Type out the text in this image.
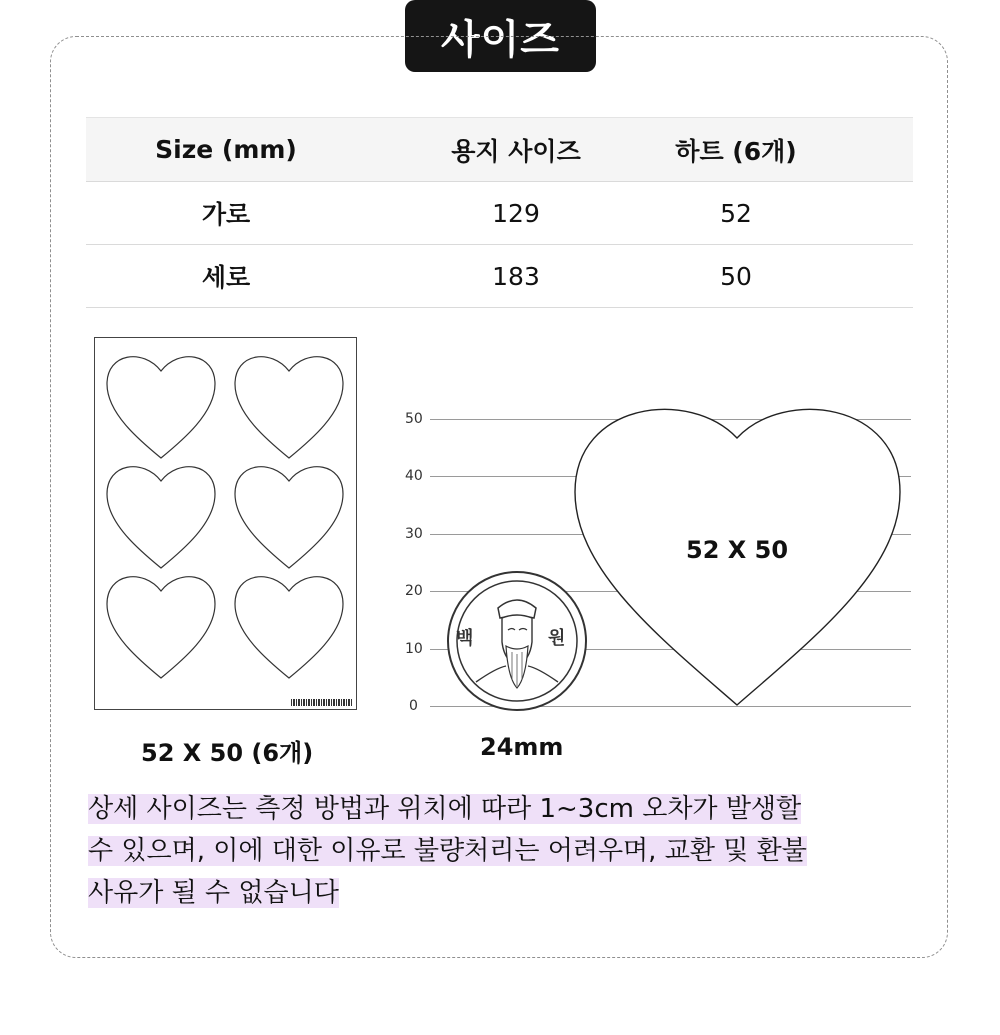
사이즈
Size (mm)	용지 사이즈	하트 (6개)
가로	129	52
세로	183	50
52 X 50 (6개)
50
40
30
20
10
0
52 X 50
백	원
24mm
상세 사이즈는 측정 방법과 위치에 따라 1~3cm 오차가 발생할
수 있으며, 이에 대한 이유로 불량처리는 어려우며, 교환 및 환불
사유가 될 수 없습니다
